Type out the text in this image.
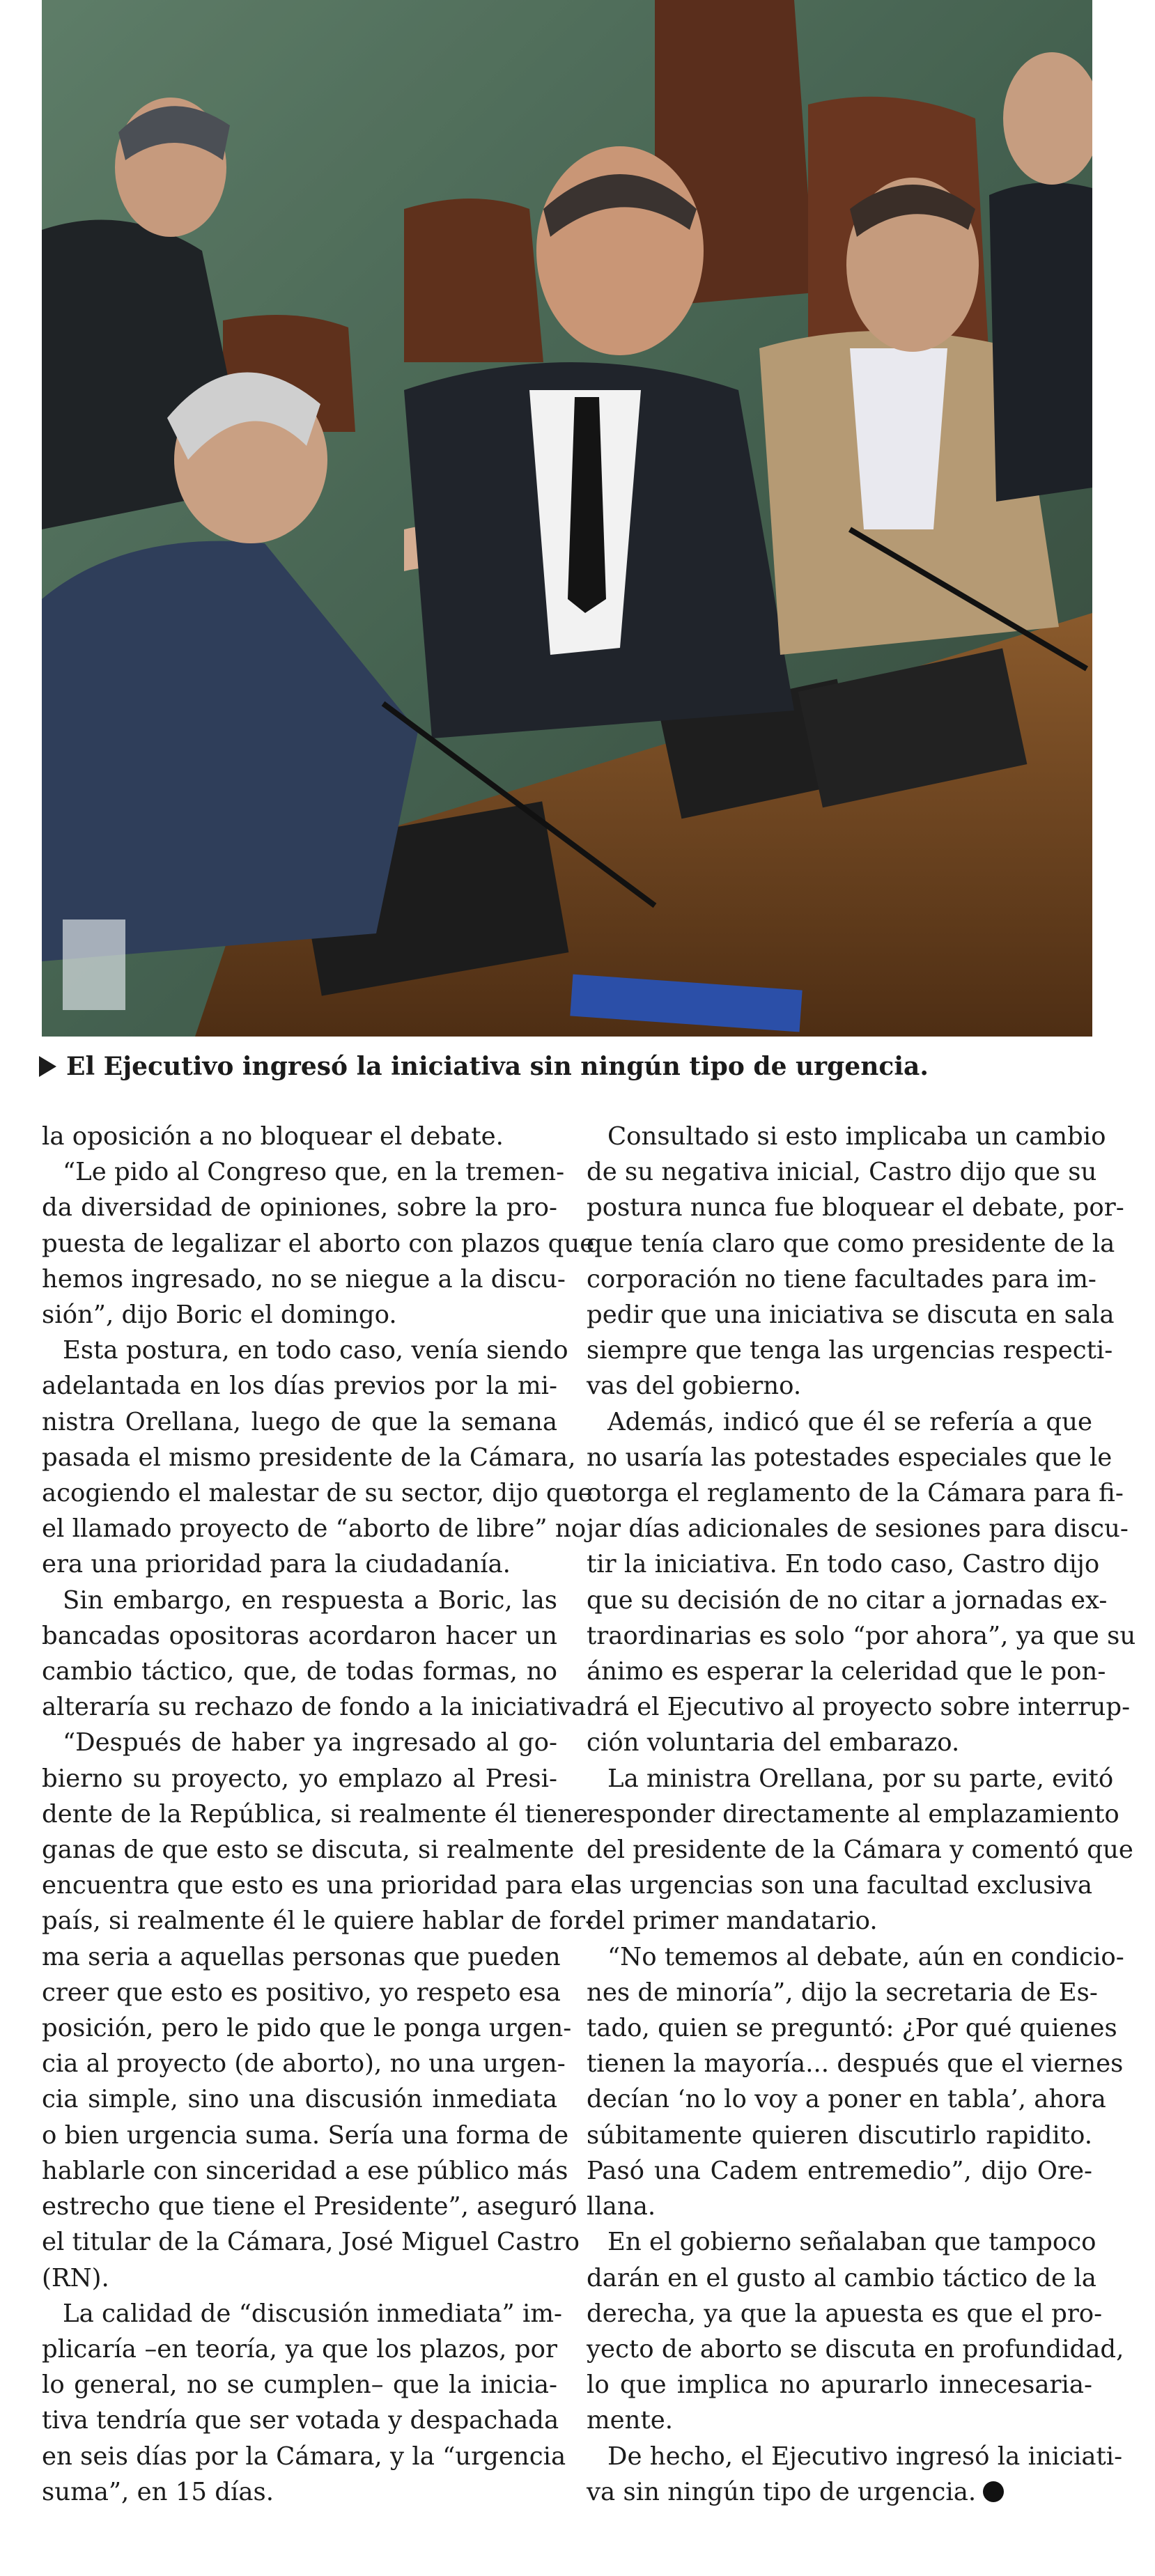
El Ejecutivo ingresó la iniciativa sin ningún tipo de urgencia.

la oposición a no bloquear el debate.

“Le pido al Congreso que, en la tremen-
da diversidad de opiniones, sobre la pro-
puesta de legalizar el aborto con plazos que
hemos ingresado, no se niegue a la discu-
sión”, dijo Boric el domingo.

Esta postura, en todo caso, venía siendo
adelantada en los días previos por la mi-
nistra Orellana, luego de que la semana
pasada el mismo presidente de la Cámara,
acogiendo el malestar de su sector, dijo que
el llamado proyecto de “aborto de libre” no
era una prioridad para la ciudadanía.

Sin embargo, en respuesta a Boric, las
bancadas opositoras acordaron hacer un
cambio táctico, que, de todas formas, no
alteraría su rechazo de fondo a la iniciativa.

“Después de haber ya ingresado al go-
bierno su proyecto, yo emplazo al Presi-
dente de la República, si realmente él tiene
ganas de que esto se discuta, si realmente
encuentra que esto es una prioridad para el
país, si realmente él le quiere hablar de for-
ma seria a aquellas personas que pueden
creer que esto es positivo, yo respeto esa
posición, pero le pido que le ponga urgen-
cia al proyecto (de aborto), no una urgen-
cia simple, sino una discusión inmediata
o bien urgencia suma. Sería una forma de
hablarle con sinceridad a ese público más
estrecho que tiene el Presidente”, aseguró
el titular de la Cámara, José Miguel Castro
(RN).

La calidad de “discusión inmediata” im-
plicaría –en teoría, ya que los plazos, por
lo general, no se cumplen– que la inicia-
tiva tendría que ser votada y despachada
en seis días por la Cámara, y la “urgencia
suma”, en 15 días.

Consultado si esto implicaba un cambio
de su negativa inicial, Castro dijo que su
postura nunca fue bloquear el debate, por-
que tenía claro que como presidente de la
corporación no tiene facultades para im-
pedir que una iniciativa se discuta en sala
siempre que tenga las urgencias respecti-
vas del gobierno.

Además, indicó que él se refería a que
no usaría las potestades especiales que le
otorga el reglamento de la Cámara para fi-
jar días adicionales de sesiones para discu-
tir la iniciativa. En todo caso, Castro dijo
que su decisión de no citar a jornadas ex-
traordinarias es solo “por ahora”, ya que su
ánimo es esperar la celeridad que le pon-
drá el Ejecutivo al proyecto sobre interrup-
ción voluntaria del embarazo.

La ministra Orellana, por su parte, evitó
responder directamente al emplazamiento
del presidente de la Cámara y comentó que
las urgencias son una facultad exclusiva
del primer mandatario.

“No tememos al debate, aún en condicio-
nes de minoría”, dijo la secretaria de Es-
tado, quien se preguntó: ¿Por qué quienes
tienen la mayoría... después que el viernes
decían ‘no lo voy a poner en tabla’, ahora
súbitamente quieren discutirlo rapidito.
Pasó una Cadem entremedio”, dijo Ore-
llana.

En el gobierno señalaban que tampoco
darán en el gusto al cambio táctico de la
derecha, ya que la apuesta es que el pro-
yecto de aborto se discuta en profundidad,
lo que implica no apurarlo innecesaria-
mente.

De hecho, el Ejecutivo ingresó la iniciati-
va sin ningún tipo de urgencia.
